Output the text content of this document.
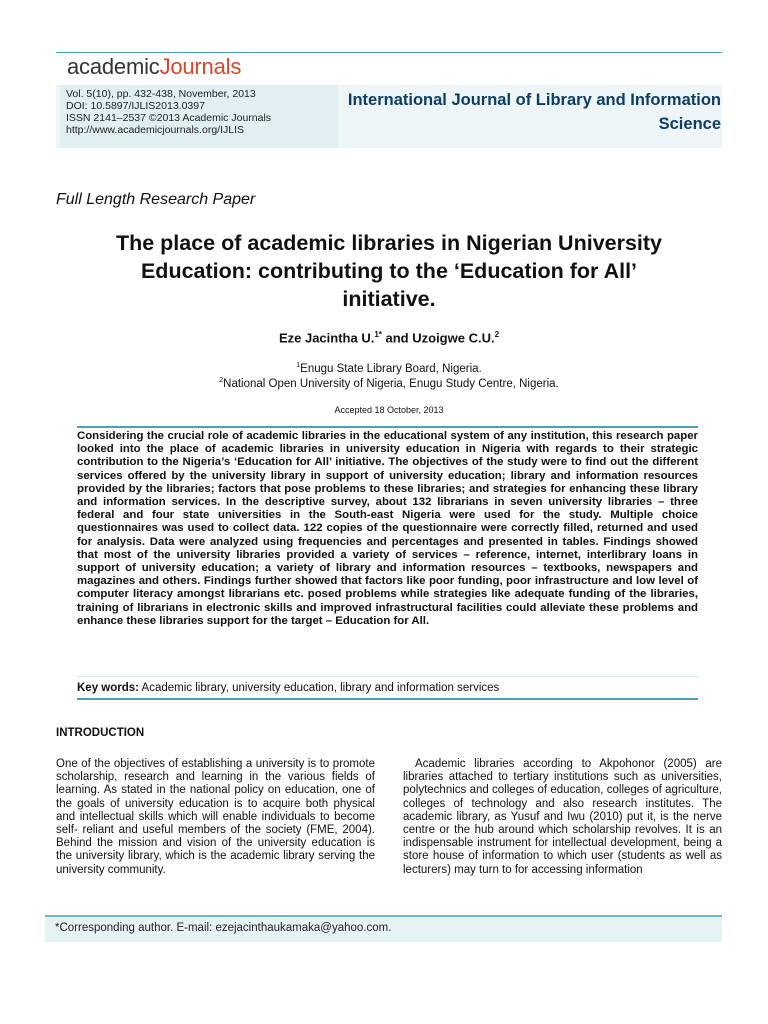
academicJournals
Vol. 5(10), pp. 432-438, November, 2013
DOI: 10.5897/IJLIS2013.0397
ISSN 2141–2537 ©2013 Academic Journals
http://www.academicjournals.org/IJLIS
International Journal of Library and Information
Science
Full Length Research Paper
The place of academic libraries in Nigerian University
Education: contributing to the ‘Education for All’
initiative.
Eze Jacintha U.$^{1*}$ and Uzoigwe C.U.$^2$
$^1$Enugu State Library Board, Nigeria.
$^2$National Open University of Nigeria, Enugu Study Centre, Nigeria.
Accepted 18 October, 2013
Considering the crucial role of academic libraries in the educational system of any institution, this research paper looked into the place of academic libraries in university education in Nigeria with regards to their strategic contribution to the Nigeria’s ‘Education for All’ initiative. The objectives of the study were to find out the different services offered by the university library in support of university education; library and information resources provided by the libraries; factors that pose problems to these libraries; and strategies for enhancing these library and information services. In the descriptive survey, about 132 librarians in seven university libraries – three federal and four state universities in the South-east Nigeria were used for the study. Multiple choice questionnaires was used to collect data. 122 copies of the questionnaire were correctly filled, returned and used for analysis. Data were analyzed using frequencies and percentages and presented in tables. Findings showed that most of the university libraries provided a variety of services – reference, internet, interlibrary loans in support of university education; a variety of library and information resources – textbooks, newspapers and magazines and others. Findings further showed that factors like poor funding, poor infrastructure and low level of computer literacy amongst librarians etc. posed problems while strategies like adequate funding of the libraries, training of librarians in electronic skills and improved infrastructural facilities could alleviate these problems and enhance these libraries support for the target – Education for All.
Key words: Academic library, university education, library and information services
INTRODUCTION
One of the objectives of establishing a university is to promote scholarship, research and learning in the various fields of learning. As stated in the national policy on education, one of the goals of university education is to acquire both physical and intellectual skills which will enable individuals to become self- reliant and useful members of the society (FME, 2004). Behind the mission and vision of the university education is the university library, which is the academic library serving the university community.
Academic libraries according to Akpohonor (2005) are libraries attached to tertiary institutions such as universities, polytechnics and colleges of education, colleges of agriculture, colleges of technology and also research institutes. The academic library, as Yusuf and Iwu (2010) put it, is the nerve centre or the hub around which scholarship revolves. It is an indispensable instrument for intellectual development, being a store house of information to which user (students as well as lecturers) may turn to for accessing information
*Corresponding author. E-mail: ezejacinthaukamaka@yahoo.com.
